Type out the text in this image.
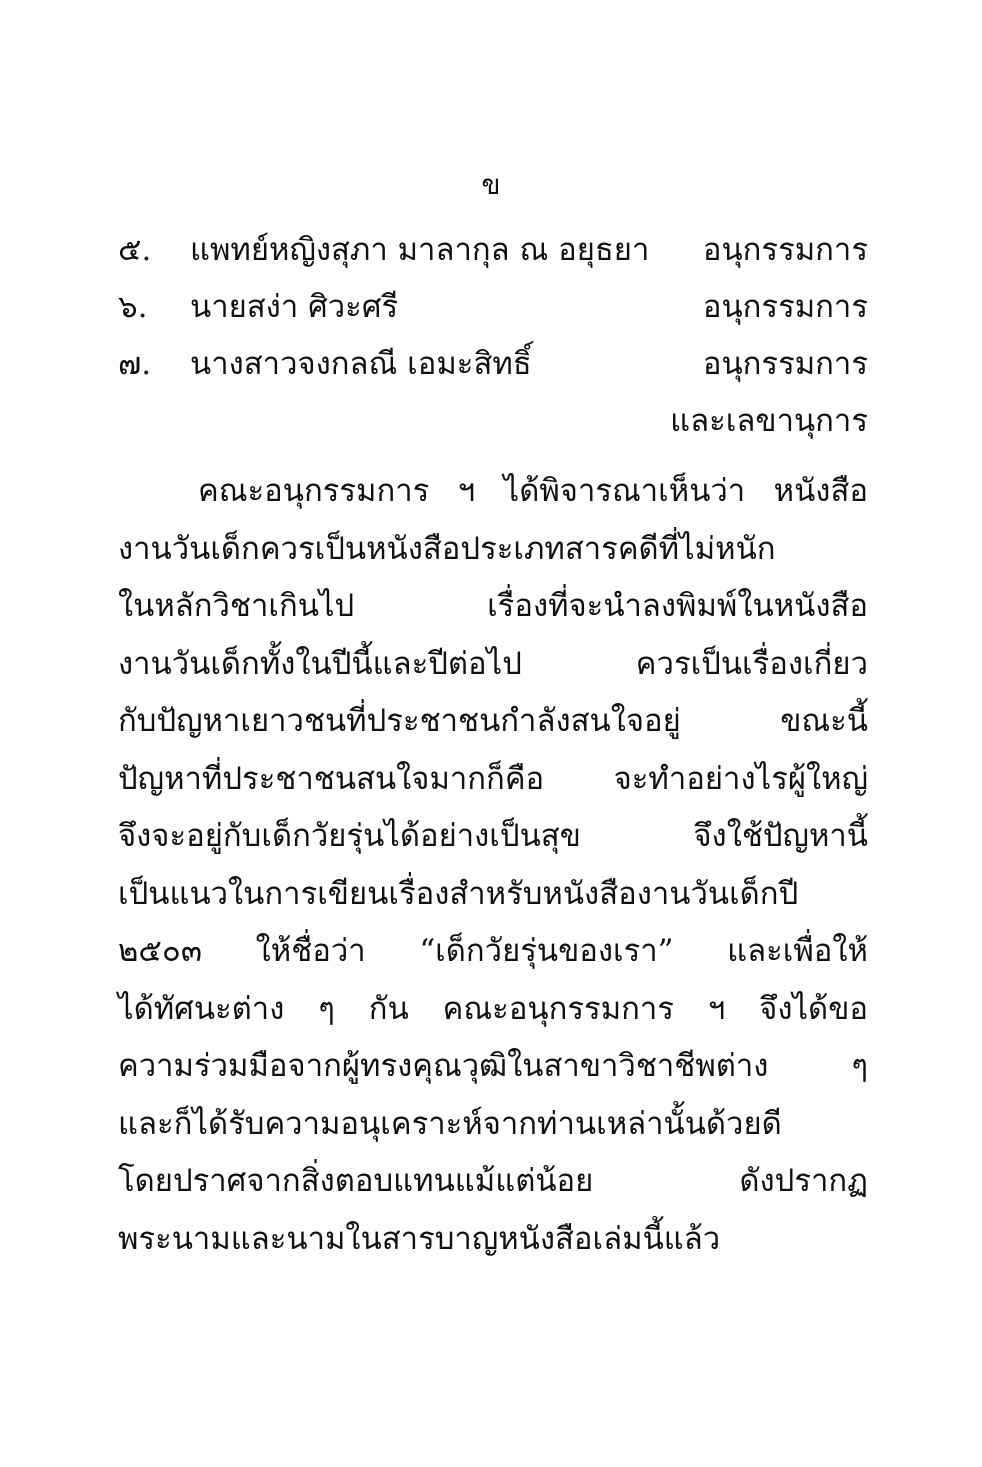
ข
๕. แพทย์หญิงสุภา มาลากุล ณ อยุธยา อนุกรรมการ
๖. นายสง่า ศิวะศรี	อนุกรรมการ
๗. นางสาวจงกลณี เอมะสิทธิ์	อนุกรรมการ
และเลขานุการ
คณะอนุกรรมการ ฯ ได้พิจารณาเห็นว่า หนังสือ
งานวันเด็กควรเป็นหนังสือประเภทสารคดีที่ไม่หนัก
ในหลักวิชาเกินไป เรื่องที่จะนำลงพิมพ์ในหนังสือ
งานวันเด็กทั้งในปีนี้และปีต่อไป ควรเป็นเรื่องเกี่ยว
กับปัญหาเยาวชนที่ประชาชนกำลังสนใจอยู่ ขณะนี้
ปัญหาที่ประชาชนสนใจมากก็คือ จะทำอย่างไรผู้ใหญ่
จึงจะอยู่กับเด็กวัยรุ่นได้อย่างเป็นสุข จึงใช้ปัญหานี้
เป็นแนวในการเขียนเรื่องสำหรับหนังสืองานวันเด็กปี
๒๕๐๓ ให้ชื่อว่า “เด็กวัยรุ่นของเรา” และเพื่อให้
ได้ทัศนะต่าง ๆ กัน คณะอนุกรรมการ ฯ จึงได้ขอ
ความร่วมมือจากผู้ทรงคุณวุฒิในสาขาวิชาชีพต่าง ๆ
และก็ได้รับความอนุเคราะห์จากท่านเหล่านั้นด้วยดี
โดยปราศจากสิ่งตอบแทนแม้แต่น้อย ดังปรากฏ
พระนามและนามในสารบาญหนังสือเล่มนี้แล้ว
